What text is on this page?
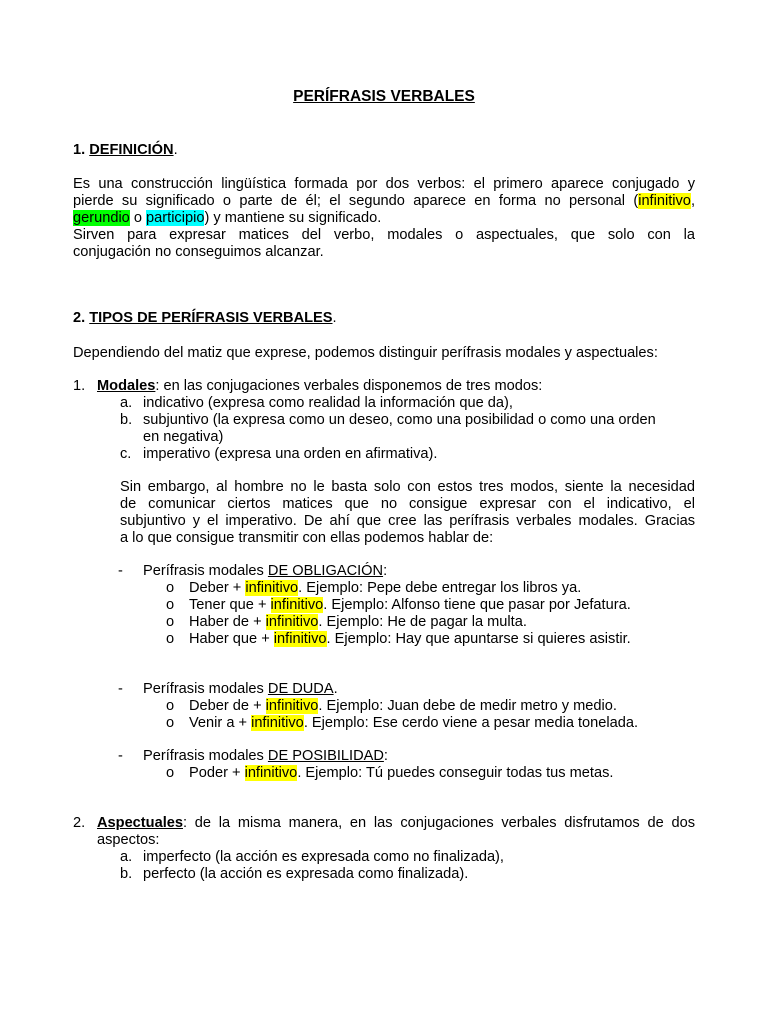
PERÍFRASIS VERBALES
1. DEFINICIÓN.
Es una construcción lingüística formada por dos verbos: el primero aparece conjugado y
pierde su significado o parte de él; el segundo aparece en forma no personal (infinitivo,
gerundio o participio) y mantiene su significado.
Sirven para expresar matices del verbo, modales o aspectuales, que solo con la
conjugación no conseguimos alcanzar.
2. TIPOS DE PERÍFRASIS VERBALES.
Dependiendo del matiz que exprese, podemos distinguir perífrasis modales y aspectuales:
1. Modales: en las conjugaciones verbales disponemos de tres modos:
a. indicativo (expresa como realidad la información que da),
b. subjuntivo (la expresa como un deseo, como una posibilidad o como una orden
en negativa)
c. imperativo (expresa una orden en afirmativa).
Sin embargo, al hombre no le basta solo con estos tres modos, siente la necesidad
de comunicar ciertos matices que no consigue expresar con el indicativo, el
subjuntivo y el imperativo. De ahí que cree las perífrasis verbales modales. Gracias
a lo que consigue transmitir con ellas podemos hablar de:
- Perífrasis modales DE OBLIGACIÓN:
o Deber + infinitivo. Ejemplo: Pepe debe entregar los libros ya.
o Tener que + infinitivo. Ejemplo: Alfonso tiene que pasar por Jefatura.
o Haber de + infinitivo. Ejemplo: He de pagar la multa.
o Haber que + infinitivo. Ejemplo: Hay que apuntarse si quieres asistir.
- Perífrasis modales DE DUDA.
o Deber de + infinitivo. Ejemplo: Juan debe de medir metro y medio.
o Venir a + infinitivo. Ejemplo: Ese cerdo viene a pesar media tonelada.
- Perífrasis modales DE POSIBILIDAD:
o Poder + infinitivo. Ejemplo: Tú puedes conseguir todas tus metas.
2. Aspectuales: de la misma manera, en las conjugaciones verbales disfrutamos de dos
aspectos:
a. imperfecto (la acción es expresada como no finalizada),
b. perfecto (la acción es expresada como finalizada).
